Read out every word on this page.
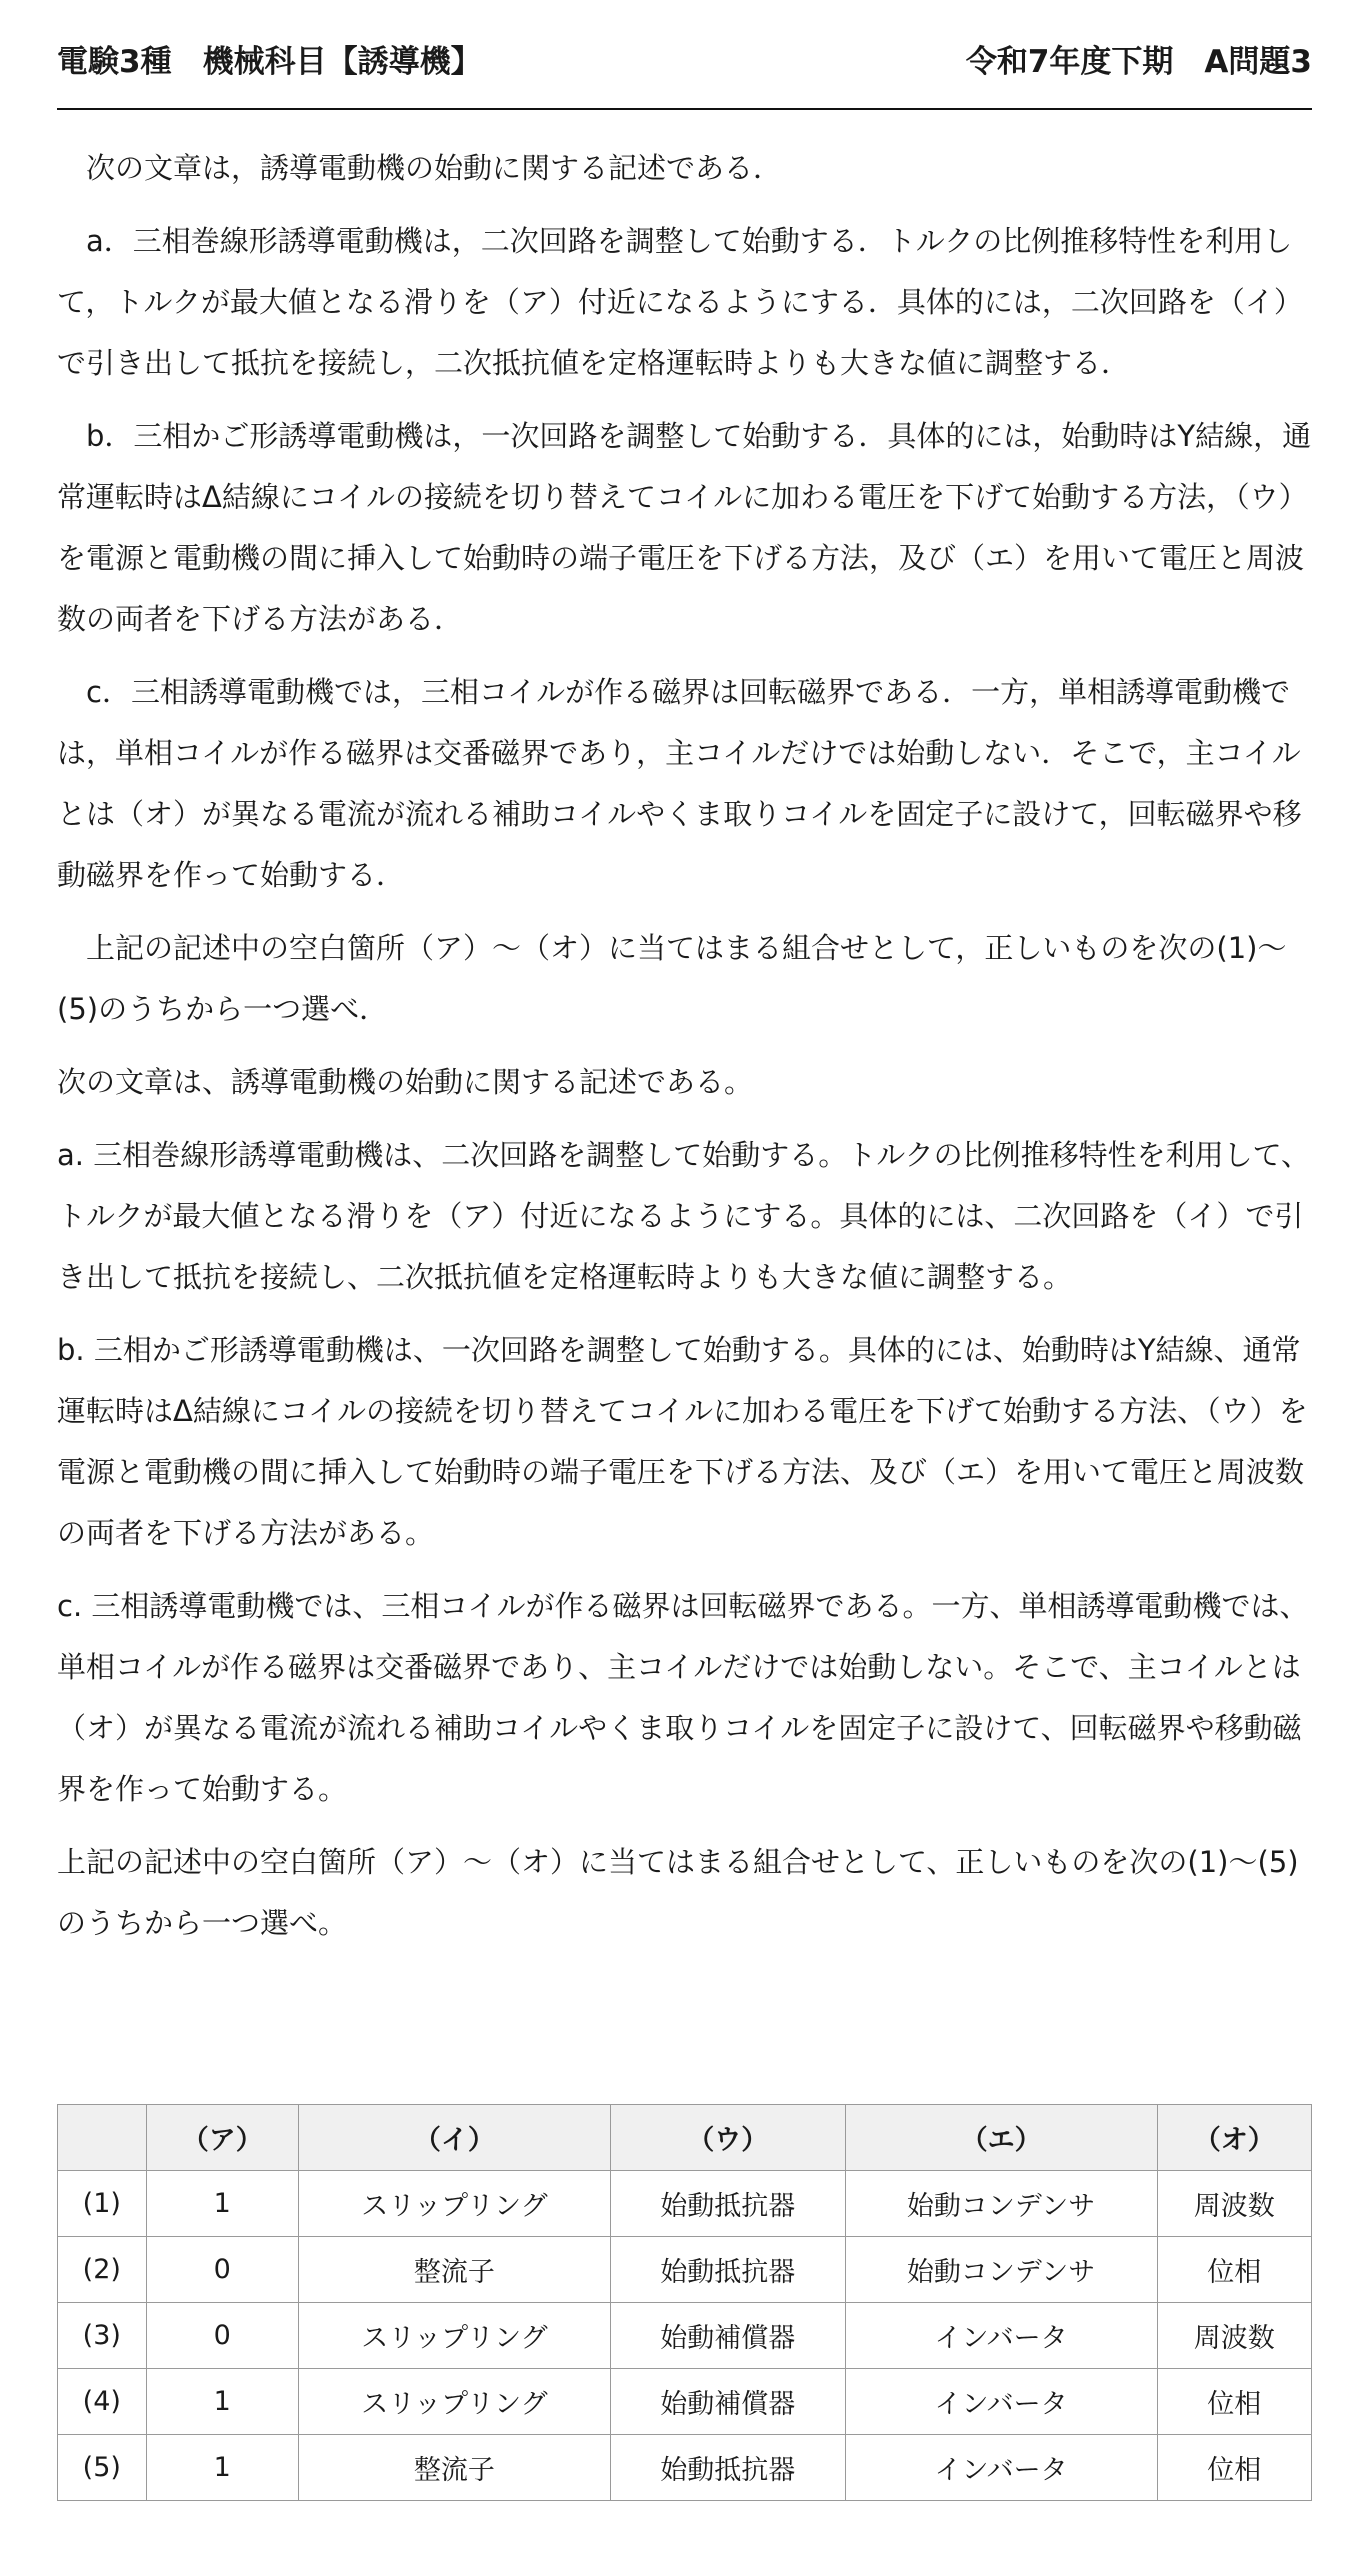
電験3種　機械科目【誘導機】	令和7年度下期　A問題3

次の文章は，誘導電動機の始動に関する記述である．

a．三相巻線形誘導電動機は，二次回路を調整して始動する．トルクの比例推移特性を利用して，トルクが最大値となる滑りを（ア）付近になるようにする．具体的には，二次回路を（イ）で引き出して抵抗を接続し，二次抵抗値を定格運転時よりも大きな値に調整する．

b．三相かご形誘導電動機は，一次回路を調整して始動する．具体的には，始動時はY結線，通常運転時はΔ結線にコイルの接続を切り替えてコイルに加わる電圧を下げて始動する方法，（ウ）を電源と電動機の間に挿入して始動時の端子電圧を下げる方法，及び（エ）を用いて電圧と周波数の両者を下げる方法がある．

c．三相誘導電動機では，三相コイルが作る磁界は回転磁界である．一方，単相誘導電動機では，単相コイルが作る磁界は交番磁界であり，主コイルだけでは始動しない．そこで，主コイルとは（オ）が異なる電流が流れる補助コイルやくま取りコイルを固定子に設けて，回転磁界や移動磁界を作って始動する．

上記の記述中の空白箇所（ア）～（オ）に当てはまる組合せとして，正しいものを次の(1)～(5)のうちから一つ選べ．

次の文章は、誘導電動機の始動に関する記述である。

a. 三相巻線形誘導電動機は、二次回路を調整して始動する。トルクの比例推移特性を利用して、トルクが最大値となる滑りを（ア）付近になるようにする。具体的には、二次回路を（イ）で引き出して抵抗を接続し、二次抵抗値を定格運転時よりも大きな値に調整する。

b. 三相かご形誘導電動機は、一次回路を調整して始動する。具体的には、始動時はY結線、通常運転時はΔ結線にコイルの接続を切り替えてコイルに加わる電圧を下げて始動する方法、（ウ）を電源と電動機の間に挿入して始動時の端子電圧を下げる方法、及び（エ）を用いて電圧と周波数の両者を下げる方法がある。

c. 三相誘導電動機では、三相コイルが作る磁界は回転磁界である。一方、単相誘導電動機では、単相コイルが作る磁界は交番磁界であり、主コイルだけでは始動しない。そこで、主コイルとは（オ）が異なる電流が流れる補助コイルやくま取りコイルを固定子に設けて、回転磁界や移動磁界を作って始動する。

上記の記述中の空白箇所（ア）～（オ）に当てはまる組合せとして、正しいものを次の(1)～(5)のうちから一つ選べ。

	（ア）	（イ）	（ウ）	（エ）	（オ）
(1)	1	スリップリング	始動抵抗器	始動コンデンサ	周波数
(2)	0	整流子	始動抵抗器	始動コンデンサ	位相
(3)	0	スリップリング	始動補償器	インバータ	周波数
(4)	1	スリップリング	始動補償器	インバータ	位相
(5)	1	整流子	始動抵抗器	インバータ	位相
